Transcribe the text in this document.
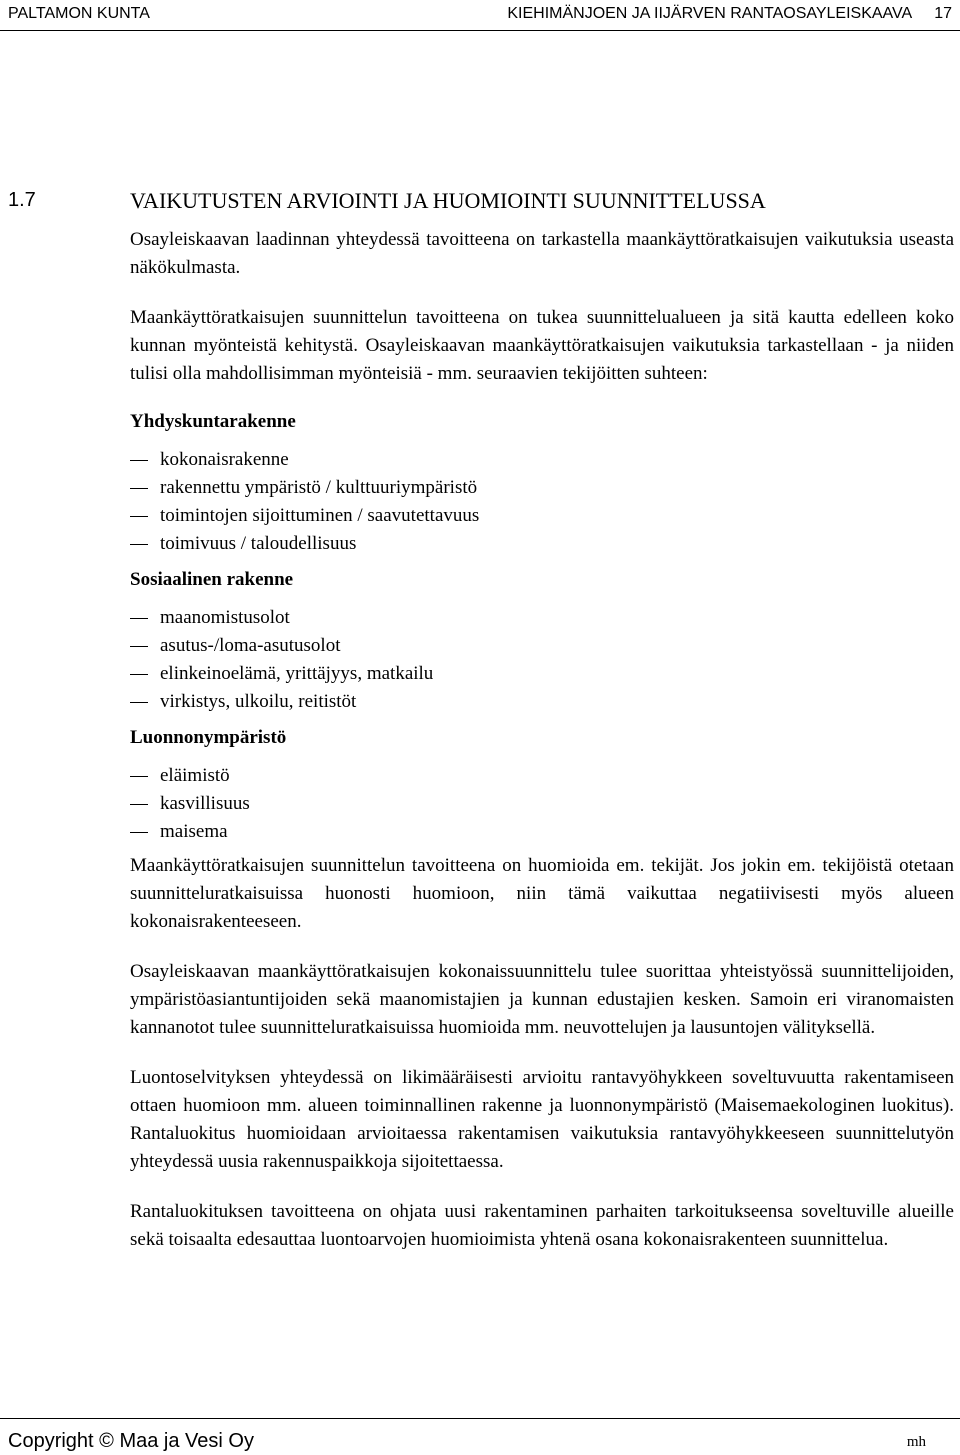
PALTAMON KUNTA	KIEHIMÄNJOEN JA IIJÄRVEN RANTAOSAYLEISKAAVA 17
1.7	VAIKUTUSTEN ARVIOINTI JA HUOMIOINTI SUUNNITTELUSSA

Osayleiskaavan laadinnan yhteydessä tavoitteena on tarkastella maankäyttöratkaisujen vaikutuksia useasta näkökulmasta.

Maankäyttöratkaisujen suunnittelun tavoitteena on tukea suunnittelualueen ja sitä kautta edelleen koko kunnan myönteistä kehitystä. Osayleiskaavan maankäyttöratkaisujen vaikutuksia tarkastellaan - ja niiden tulisi olla mahdollisimman myönteisiä - mm. seuraavien tekijöitten suhteen:

Yhdyskuntarakenne
kokonaisrakenne
rakennettu ympäristö / kulttuuriympäristö
toimintojen sijoittuminen / saavutettavuus
toimivuus / taloudellisuus
Sosiaalinen rakenne
maanomistusolot
asutus-/loma-asutusolot
elinkeinoelämä, yrittäjyys, matkailu
virkistys, ulkoilu, reitistöt
Luonnonympäristö
eläimistö
kasvillisuus
maisema

Maankäyttöratkaisujen suunnittelun tavoitteena on huomioida em. tekijät. Jos jokin em. tekijöistä otetaan suunnitteluratkaisuissa huonosti huomioon, niin tämä vaikuttaa negatiivisesti myös alueen kokonaisrakenteeseen.

Osayleiskaavan maankäyttöratkaisujen kokonaissuunnittelu tulee suorittaa yhteistyössä suunnittelijoiden, ympäristöasiantuntijoiden sekä maanomistajien ja kunnan edustajien kesken. Samoin eri viranomaisten kannanotot tulee suunnitteluratkaisuissa huomioida mm. neuvottelujen ja lausuntojen välityksellä.

Luontoselvityksen yhteydessä on likimääräisesti arvioitu rantavyöhykkeen soveltuvuutta rakentamiseen ottaen huomioon mm. alueen toiminnallinen rakenne ja luonnonympäristö (Maisemaekologinen luokitus). Rantaluokitus huomioidaan arvioitaessa rakentamisen vaikutuksia rantavyöhykkeeseen suunnittelutyön yhteydessä uusia rakennuspaikkoja sijoitettaessa.

Rantaluokituksen tavoitteena on ohjata uusi rakentaminen parhaiten tarkoitukseensa soveltuville alueille sekä toisaalta edesauttaa luontoarvojen huomioimista yhtenä osana kokonaisrakenteen suunnittelua.

Copyright © Maa ja Vesi Oy	mh
